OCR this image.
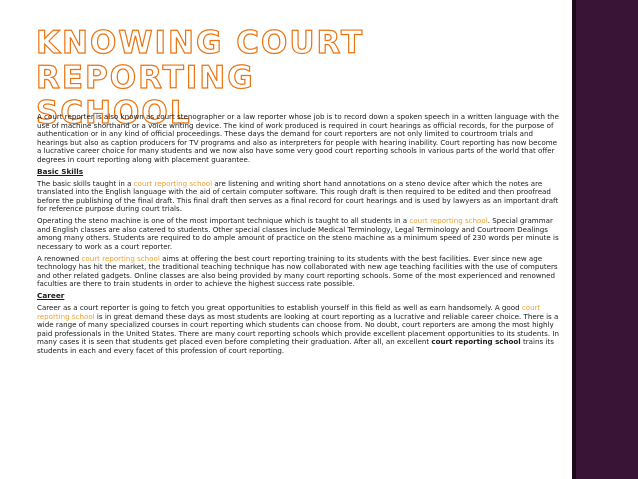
KNOWING COURT REPORTING
SCHOOL

A court reporter is also known as court stenographer or a law reporter whose job is to record down a spoken speech in a written language with the use of machine shorthand or a voice writing device. The kind of work produced is required in court hearings as official records, for the purpose of authentication or in any kind of official proceedings. These days the demand for court reporters are not only limited to courtroom trials and hearings but also as caption producers for TV programs and also as interpreters for people with hearing inability. Court reporting has now become a lucrative career choice for many students and we now also have some very good court reporting schools in various parts of the world that offer degrees in court reporting along with placement guarantee.

Basic Skills

The basic skills taught in a court reporting school are listening and writing short hand annotations on a steno device after which the notes are translated into the English language with the aid of certain computer software. This rough draft is then required to be edited and then proofread before the publishing of the final draft. This final draft then serves as a final record for court hearings and is used by lawyers as an important draft for reference purpose during court trials.

Operating the steno machine is one of the most important technique which is taught to all students in a court reporting school. Special grammar and English classes are also catered to students. Other special classes include Medical Terminology, Legal Terminology and Courtroom Dealings among many others. Students are required to do ample amount of practice on the steno machine as a minimum speed of 230 words per minute is necessary to work as a court reporter.

A renowned court reporting school aims at offering the best court reporting training to its students with the best facilities. Ever since new age technology has hit the market, the traditional teaching technique has now collaborated with new age teaching facilities with the use of computers and other related gadgets. Online classes are also being provided by many court reporting schools. Some of the most experienced and renowned faculties are there to train students in order to achieve the highest success rate possible.

Career

Career as a court reporter is going to fetch you great opportunities to establish yourself in this field as well as earn handsomely. A good court reporting school is in great demand these days as most students are looking at court reporting as a lucrative and reliable career choice. There is a wide range of many specialized courses in court reporting which students can choose from. No doubt, court reporters are among the most highly paid professionals in the United States. There are many court reporting schools which provide excellent placement opportunities to its students. In many cases it is seen that students get placed even before completing their graduation. After all, an excellent court reporting school trains its students in each and every facet of this profession of court reporting.
